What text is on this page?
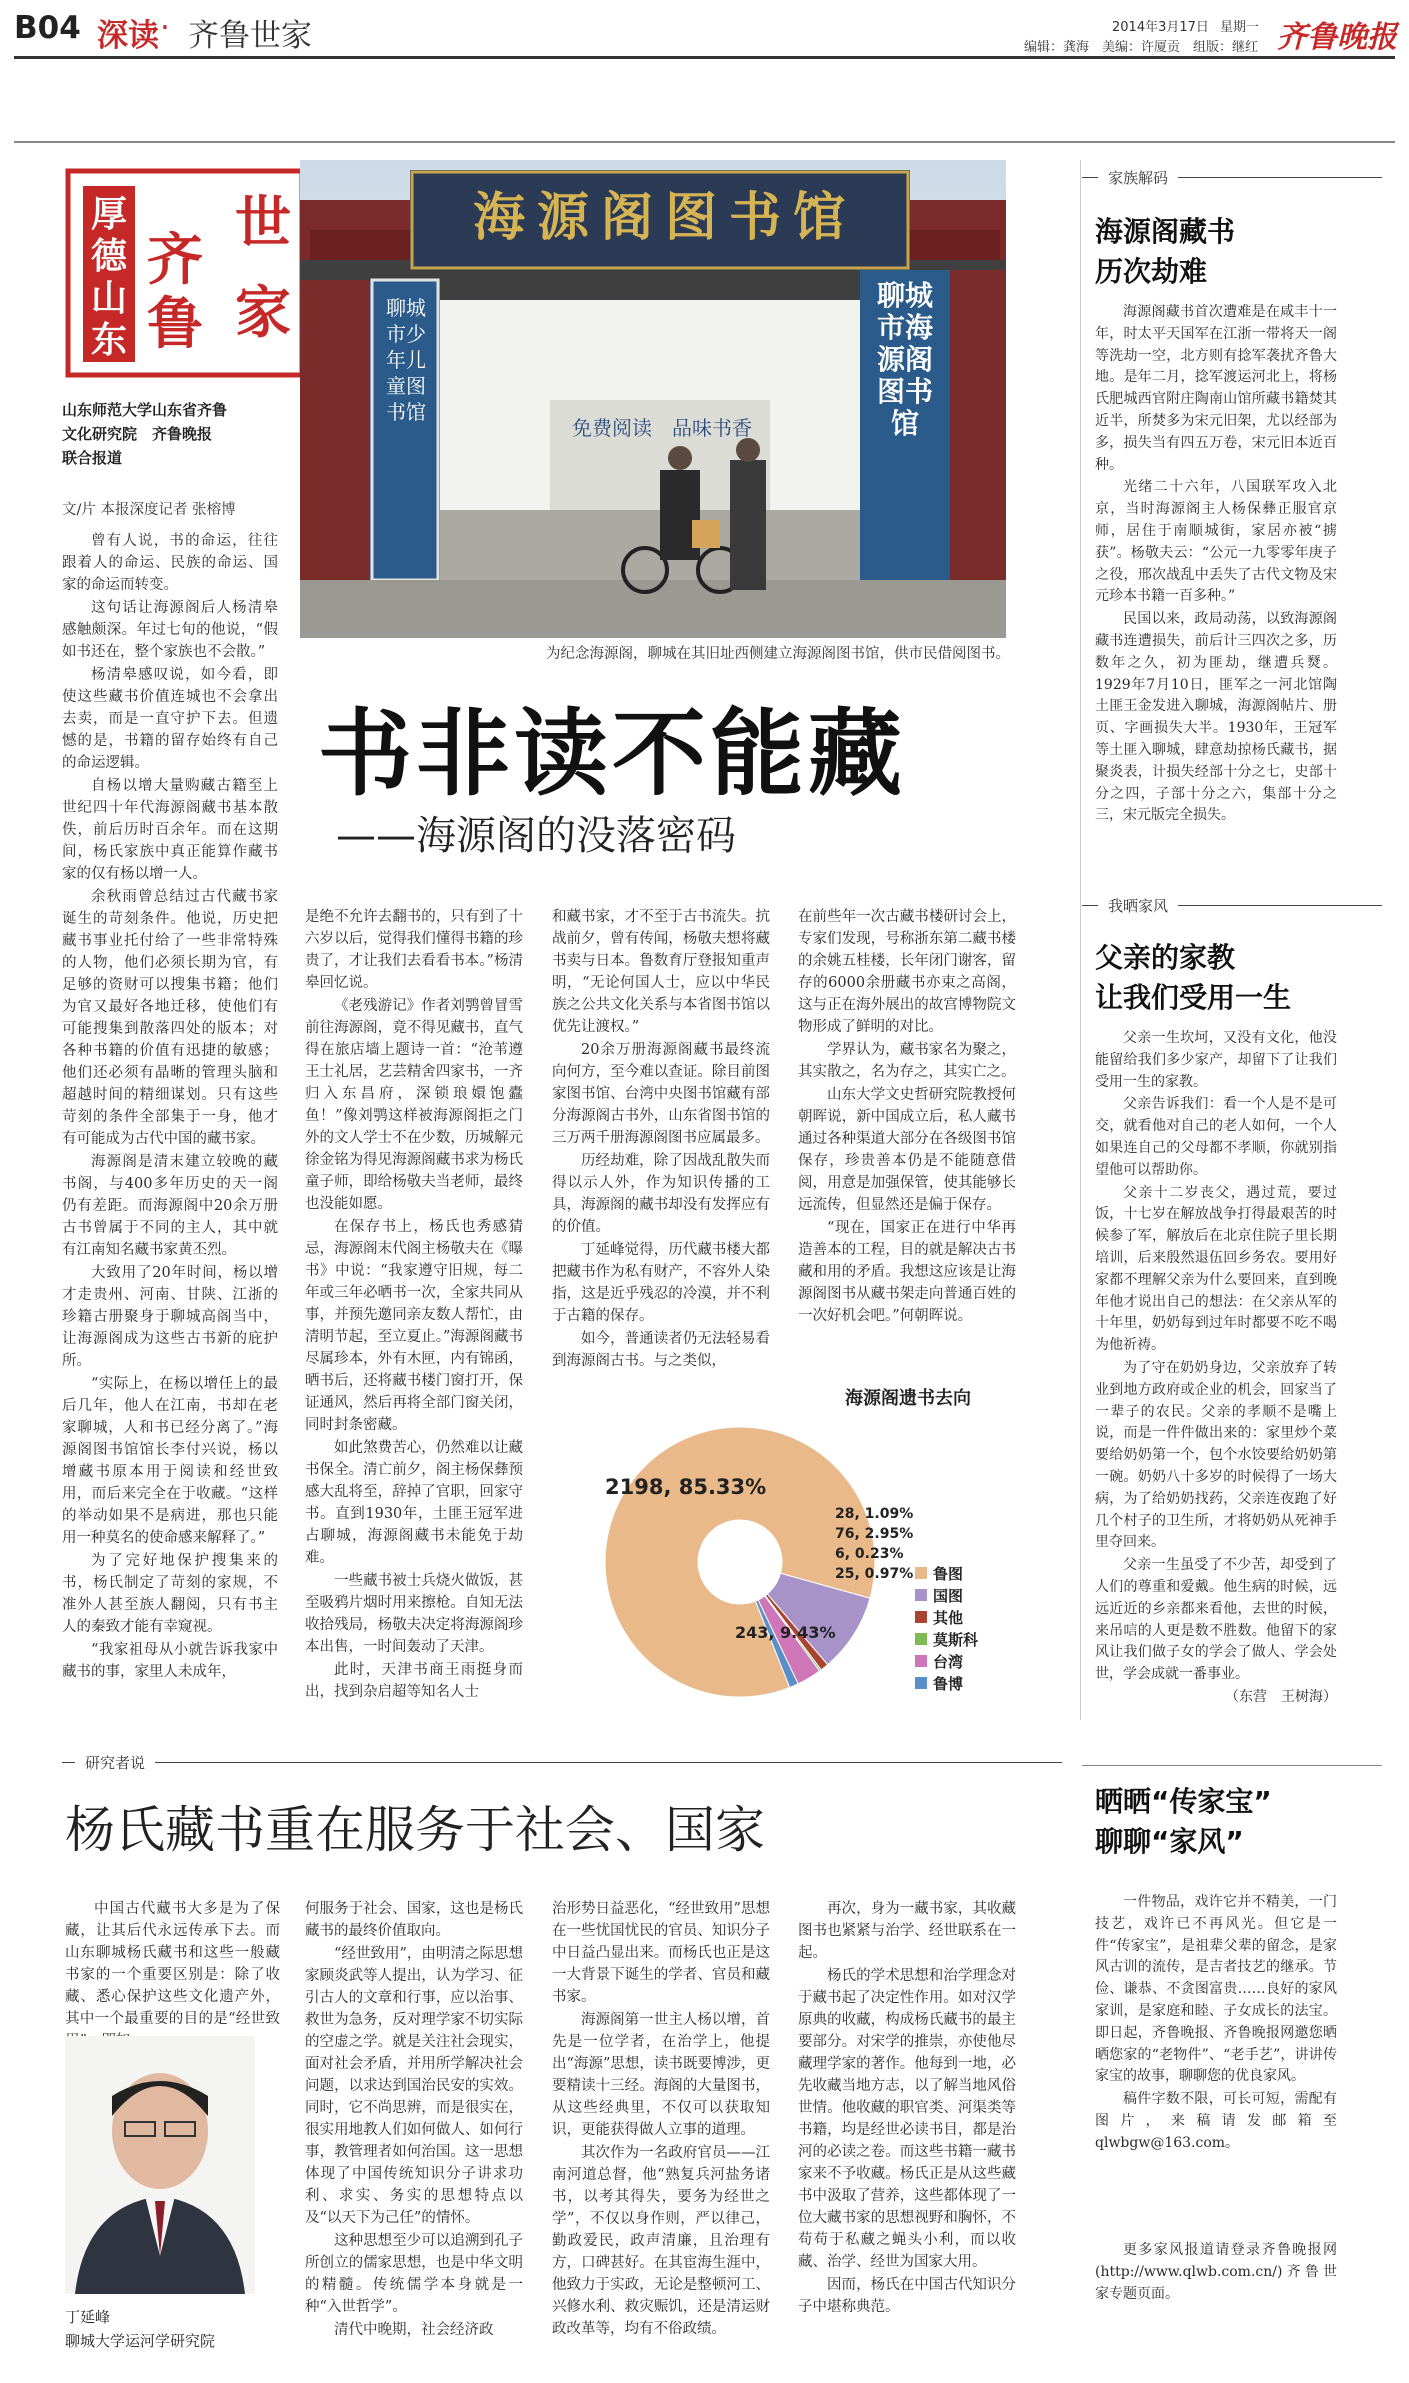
B04 深读 · 齐鲁世家	2014年3月17日 星期一
编辑：龚海　美编：许厦贡　组版：继红 齐鲁晚报
厚德山东
齐鲁
世家
山东师范大学山东省齐鲁
文化研究院　齐鲁晚报
联合报道
文/片 本报深度记者 张榕博
海源阁图书馆
聊城市少年儿童图书馆
聊城市海源阁图书馆
免费阅读　品味书香
为纪念海源阁，聊城在其旧址西侧建立海源阁图书馆，供市民借阅图书。
书非读不能藏
——海源阁的没落密码

曾有人说，书的命运，往往跟着人的命运、民族的命运、国家的命运而转变。

这句话让海源阁后人杨清皋感触颇深。年过七旬的他说，“假如书还在，整个家族也不会散。”

杨清皋感叹说，如今看，即使这些藏书价值连城也不会拿出去卖，而是一直守护下去。但遗憾的是，书籍的留存始终有自己的命运逻辑。

自杨以增大量购藏古籍至上世纪四十年代海源阁藏书基本散佚，前后历时百余年。而在这期间，杨氏家族中真正能算作藏书家的仅有杨以增一人。

余秋雨曾总结过古代藏书家诞生的苛刻条件。他说，历史把藏书事业托付给了一些非常特殊的人物，他们必须长期为官，有足够的资财可以搜集书籍；他们为官又最好各地迁移，使他们有可能搜集到散落四处的版本；对各种书籍的价值有迅捷的敏感；他们还必须有晶晰的管理头脑和超越时间的精细谋划。只有这些苛刻的条件全部集于一身，他才有可能成为古代中国的藏书家。

海源阁是清末建立较晚的藏书阁，与400多年历史的天一阁仍有差距。而海源阁中20余万册古书曾属于不同的主人，其中就有江南知名藏书家黄丕烈。

大致用了20年时间，杨以增才走贵州、河南、甘陕、江浙的珍籍古册聚身于聊城高阁当中，让海源阁成为这些古书新的庇护所。

“实际上，在杨以增任上的最后几年，他人在江南，书却在老家聊城，人和书已经分离了。”海源阁图书馆馆长李付兴说，杨以增藏书原本用于阅读和经世致用，而后来完全在于收藏。“这样的举动如果不是病进，那也只能用一种莫名的使命感来解释了。”

为了完好地保护搜集来的书，杨氏制定了苛刻的家规，不准外人甚至族人翻阅，只有书主人的秦致才能有幸窥视。

“我家祖母从小就告诉我家中藏书的事，家里人未成年，

是绝不允许去翻书的，只有到了十六岁以后，觉得我们懂得书籍的珍贵了，才让我们去看看书本。”杨清皋回忆说。

《老残游记》作者刘鹗曾冒雪前往海源阁，竟不得见藏书，直气得在旅店墙上题诗一首：“沧苇遵王士礼居，艺芸精舍四家书，一齐归入东昌府，深锁琅嬛饱蠹鱼！”像刘鹗这样被海源阁拒之门外的文人学士不在少数，历城解元徐金铭为得见海源阁藏书求为杨氏童子师，即给杨敬夫当老师，最终也没能如愿。

在保存书上，杨氏也秀感猜忌，海源阁末代阁主杨敬夫在《曝书》中说：“我家遵守旧规，每二年或三年必晒书一次，全家共同从事，并预先邀同亲友数人帮忙，由清明节起，至立夏止。”海源阁藏书尽属珍本，外有木匣，内有锦函，晒书后，还将藏书楼门窗打开，保证通风，然后再将全部门窗关闭，同时封条密藏。

如此煞费苦心，仍然难以让藏书保全。清亡前夕，阁主杨保彝预感大乱将至，辞掉了官职，回家守书。直到1930年，土匪王冠军进占聊城，海源阁藏书未能免于劫难。

一些藏书被士兵烧火做饭，甚至吸鸦片烟时用来擦枪。自知无法收拾残局，杨敬夫决定将海源阁珍本出售，一时间轰动了天津。

此时，天津书商王雨挺身而出，找到杂启超等知名人士

和藏书家，才不至于古书流失。抗战前夕，曾有传闻，杨敬夫想将藏书卖与日本。鲁数育厅登报知重声明，“无论何国人士，应以中华民族之公共文化关系与本省图书馆以优先让渡权。”

20余万册海源阁藏书最终流向何方，至今难以查证。除目前图家图书馆、台湾中央图书馆藏有部分海源阁古书外，山东省图书馆的三万两千册海源阁图书应属最多。

历经劫难，除了因战乱散失而得以示人外，作为知识传播的工具，海源阁的藏书却没有发挥应有的价值。

丁延峰觉得，历代藏书楼大都把藏书作为私有财产，不容外人染指，这是近乎残忍的冷漠，并不利于古籍的保存。

如今，普通读者仍无法轻易看到海源阁古书。与之类似，

在前些年一次古藏书楼研讨会上，专家们发现，号称浙东第二藏书楼的余姚五桂楼，长年闭门谢客，留存的6000余册藏书亦束之高阁，这与正在海外展出的故宫博物院文物形成了鲜明的对比。

学界认为，藏书家名为聚之，其实散之，名为存之，其实亡之。

山东大学文史哲研究院教授何朝晖说，新中国成立后，私人藏书通过各种渠道大部分在各级图书馆保存，珍贵善本仍是不能随意借阅，用意是加强保管，使其能够长远流传，但显然还是偏于保存。

“现在，国家正在进行中华再造善本的工程，目的就是解决古书藏和用的矛盾。我想这应该是让海源阁图书从藏书架走向普通百姓的一次好机会吧。”何朝晖说。

2198, 85.33%
243, 9.43%
25, 0.97%
6, 0.23%
76, 2.95%
28, 1.09%
海源阁遗书去向
鲁图
国图
其他
莫斯科
台湾
鲁博
家族解码
海源阁藏书
历次劫难

海源阁藏书首次遭难是在咸丰十一年，时太平天国军在江浙一带将天一阁等洗劫一空，北方则有捻军袭扰齐鲁大地。是年二月，捻军渡运河北上，将杨氏肥城西官附庄陶南山馆所藏书籍焚其近半，所焚多为宋元旧架，尤以经部为多，损失当有四五万卷，宋元旧本近百种。

光绪二十六年，八国联军攻入北京，当时海源阁主人杨保彝正服官京师，居住于南顺城街，家居亦被“掳获”。杨敬夫云：“公元一九零零年庚子之役，邢次战乱中丢失了古代文物及宋元珍本书籍一百多种。”

民国以来，政局动荡，以致海源阁藏书连遭损失，前后计三四次之多，历数年之久，初为匪劫，继遭兵燹。1929年7月10日，匪军之一河北馆陶土匪王金发进入聊城，海源阁帖片、册页、字画损失大半。1930年，王冠军等土匪入聊城，肆意劫掠杨氏藏书，据聚炎表，计损失经部十分之七，史部十分之四，子部十分之六，集部十分之三，宋元版完全损失。

我晒家风
父亲的家教
让我们受用一生

父亲一生坎坷，又没有文化，他没能留给我们多少家产，却留下了让我们受用一生的家教。

父亲告诉我们：看一个人是不是可交，就看他对自己的老人如何，一个人如果连自己的父母都不孝顺，你就别指望他可以帮助你。

父亲十二岁丧父，遇过荒，要过饭，十七岁在解放战争打得最艰苦的时候参了军，解放后在北京住院子里长期培训，后来殷然退伍回乡务农。要用好家都不理解父亲为什么要回来，直到晚年他才说出自己的想法：在父亲从军的十年里，奶奶每到过年时都要不吃不喝为他祈祷。

为了守在奶奶身边，父亲放弃了转业到地方政府或企业的机会，回家当了一辈子的农民。父亲的孝顺不是嘴上说，而是一件件做出来的：家里炒个菜要给奶奶第一个，包个水饺要给奶奶第一碗。奶奶八十多岁的时候得了一场大病，为了给奶奶找药，父亲连夜跑了好几个村子的卫生所，才将奶奶从死神手里夺回来。

父亲一生虽受了不少苦，却受到了人们的尊重和爱戴。他生病的时候，远远近近的乡亲都来看他，去世的时候，来吊唁的人更是数不胜数。他留下的家风让我们做子女的学会了做人、学会处世，学会成就一番事业。

（东营　王树海）

晒晒“传家宝”
聊聊“家风”

一件物品，戏许它并不精美，一门技艺，戏许已不再风光。但它是一件“传家宝”，是祖辈父辈的留念，是家风古训的流传，是吉者技艺的继承。节俭、谦恭、不贪图富贵……良好的家风家训，是家庭和睦、子女成长的法宝。即日起，齐鲁晚报、齐鲁晚报网邀您晒晒您家的“老物件”、“老手艺”，讲讲传家宝的故事，聊聊您的优良家风。

稿件字数不限，可长可短，需配有图片，来稿请发邮箱至qlwbgw@163.com。

更多家风报道请登录齐鲁晚报网(http://www.qlwb.com.cn/)齐鲁世家专题页面。

研究者说
杨氏藏书重在服务于社会、国家

中国古代藏书大多是为了保藏，让其后代永远传承下去。而山东聊城杨氏藏书和这些一般藏书家的一个重要区别是：除了收藏、悉心保护这些文化遗产外，其中一个最重要的目的是“经世致

丁延峰
聊城大学运河学研究院

何服务于社会、国家，这也是杨氏藏书的最终价值取向。

“经世致用”，由明清之际思想家顾炎武等人提出，认为学习、征引古人的文章和行事，应以治事、救世为急务，反对理学家不切实际的空虚之学。就是关注社会现实，面对社会矛盾，并用所学解决社会问题，以求达到国治民安的实效。同时，它不尚思辨，而是很实在，很实用地教人们如何做人、如何行事，教管理者如何治国。这一思想体现了中国传统知识分子讲求功利、求实、务实的思想特点以及“以天下为己任”的情怀。

这种思想至少可以追溯到孔子所创立的儒家思想，也是中华文明的精髓。传统儒学本身就是一种“入世哲学”。

清代中晚期，社会经济政

治形势日益恶化，“经世致用”思想在一些忧国忧民的官员、知识分子中日益凸显出来。而杨氏也正是这一大背景下诞生的学者、官员和藏书家。

海源阁第一世主人杨以增，首先是一位学者，在治学上，他提出“海源”思想，读书既要博涉，更要精读十三经。海阁的大量图书，从这些经典里，不仅可以获取知识，更能获得做人立事的道理。

其次作为一名政府官员——江南河道总督，他“熟复兵河盐务诸书，以考其得失，要务为经世之学”，不仅以身作则，严以律己，勤政爱民，政声清廉，且治理有方，口碑甚好。在其宦海生涯中，他致力于实政，无论是整顿河工、兴修水利、救灾赈饥，还是清运财政改革等，均有不俗政绩。

再次，身为一藏书家，其收藏图书也紧紧与治学、经世联系在一起。

杨氏的学术思想和治学理念对于藏书起了决定性作用。如对汉学原典的收藏，构成杨氏藏书的最主要部分。对宋学的推崇，亦使他尽藏理学家的著作。他每到一地，必先收藏当地方志，以了解当地风俗世情。他收藏的职官类、河渠类等书籍，均是经世必读书目，都是治河的必读之卷。而这些书籍一藏书家来不予收藏。杨氏正是从这些藏书中汲取了营养，这些都体现了一位大藏书家的思想视野和胸怀，不苟苟于私藏之蝇头小利，而以收藏、治学、经世为国家大用。

因而，杨氏在中国古代知识分子中堪称典范。
